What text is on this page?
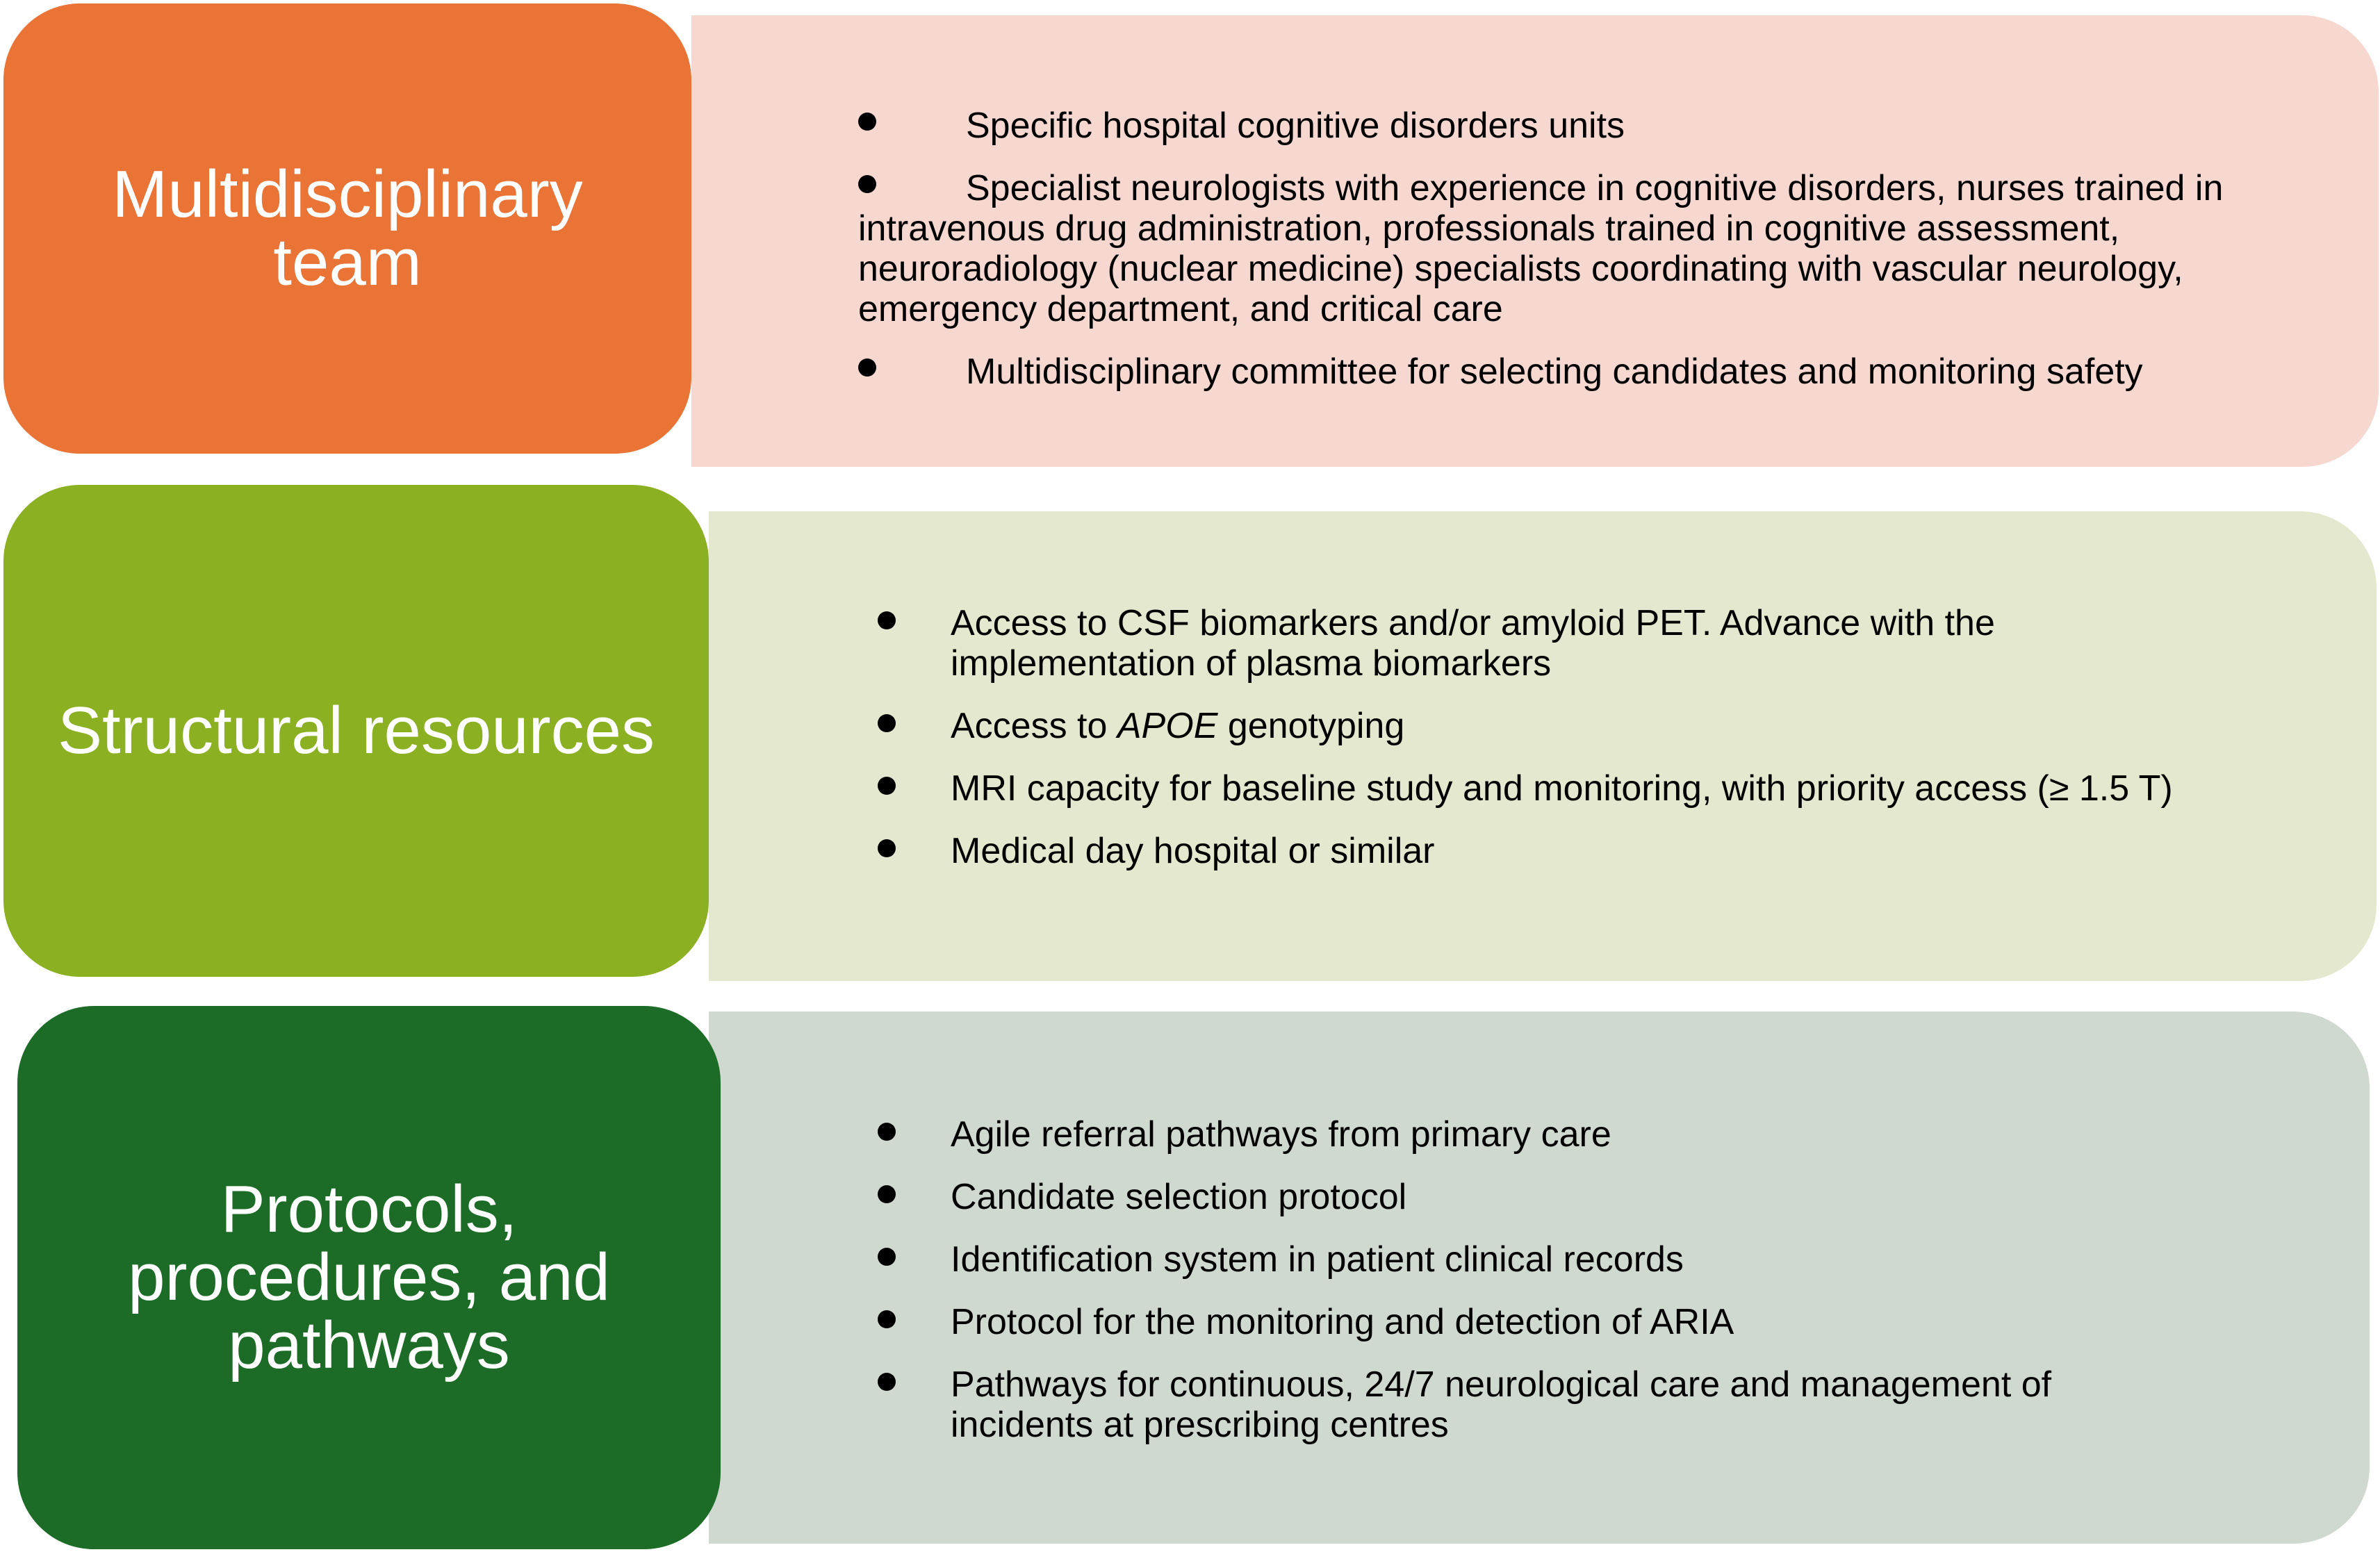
Specific hospital cognitive disorders units
Specialist neurologists with experience in cognitive disorders, nurses trained in intravenous drug administration, professionals trained in cognitive assessment, neuroradiology (nuclear medicine) specialists coordinating with vascular neurology, emergency department, and critical care
Multidisciplinary committee for selecting candidates and monitoring safety
Multidisciplinary team
Access to CSF biomarkers and/or amyloid PET. Advance with the implementation of plasma biomarkers
Access to APOE genotyping
MRI capacity for baseline study and monitoring, with priority access (≥ 1.5 T)
Medical day hospital or similar
Structural resources
Agile referral pathways from primary care
Candidate selection protocol
Identification system in patient clinical records
Protocol for the monitoring and detection of ARIA
Pathways for continuous, 24/7 neurological care and management of incidents at prescribing centres
Protocols, procedures, and pathways
